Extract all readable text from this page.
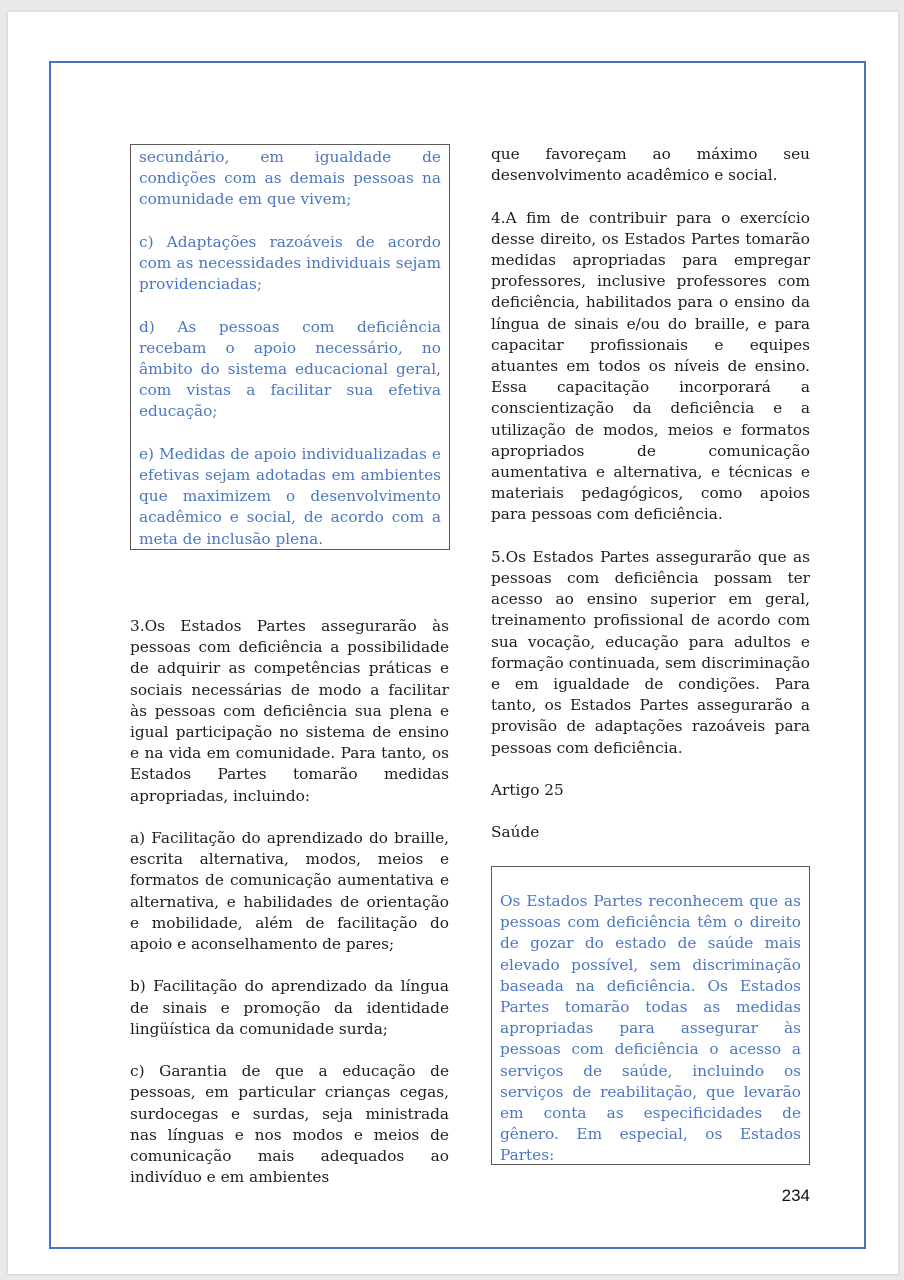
secundário, em igualdade de condições com as demais pessoas na comunidade em que vivem;

c) Adaptações razoáveis de acordo com as necessidades individuais sejam providenciadas;

d) As pessoas com deficiência recebam o apoio necessário, no âmbito do sistema educacional geral, com vistas a facilitar sua efetiva educação;

e) Medidas de apoio individualizadas e efetivas sejam adotadas em ambientes que maximizem o desenvolvimento acadêmico e social, de acordo com a meta de inclusão plena.

3.Os Estados Partes assegurarão às pessoas com deficiência a possibilidade de adquirir as competências práticas e sociais necessárias de modo a facilitar às pessoas com deficiência sua plena e igual participação no sistema de ensino e na vida em comunidade. Para tanto, os Estados Partes tomarão medidas apropriadas, incluindo:

a) Facilitação do aprendizado do braille, escrita alternativa, modos, meios e formatos de comunicação aumentativa e alternativa, e habilidades de orientação e mobilidade, além de facilitação do apoio e aconselhamento de pares;

b) Facilitação do aprendizado da língua de sinais e promoção da identidade lingüística da comunidade surda;

c) Garantia de que a educação de pessoas, em particular crianças cegas, surdocegas e surdas, seja ministrada nas línguas e nos modos e meios de comunicação mais adequados ao indivíduo e em ambientes

que favoreçam ao máximo seu desenvolvimento acadêmico e social.

4.A fim de contribuir para o exercício desse direito, os Estados Partes tomarão medidas apropriadas para empregar professores, inclusive professores com deficiência, habilitados para o ensino da língua de sinais e/ou do braille, e para capacitar profissionais e equipes atuantes em todos os níveis de ensino. Essa capacitação incorporará a conscientização da deficiência e a utilização de modos, meios e formatos apropriados de comunicação aumentativa e alternativa, e técnicas e materiais pedagógicos, como apoios para pessoas com deficiência.

5.Os Estados Partes assegurarão que as pessoas com deficiência possam ter acesso ao ensino superior em geral, treinamento profissional de acordo com sua vocação, educação para adultos e formação continuada, sem discriminação e em igualdade de condições. Para tanto, os Estados Partes assegurarão a provisão de adaptações razoáveis para pessoas com deficiência.

Artigo 25

Saúde

Os Estados Partes reconhecem que as pessoas com deficiência têm o direito de gozar do estado de saúde mais elevado possível, sem discriminação baseada na deficiência. Os Estados Partes tomarão todas as medidas apropriadas para assegurar às pessoas com deficiência o acesso a serviços de saúde, incluindo os serviços de reabilitação, que levarão em conta as especificidades de gênero. Em especial, os Estados Partes:

234
